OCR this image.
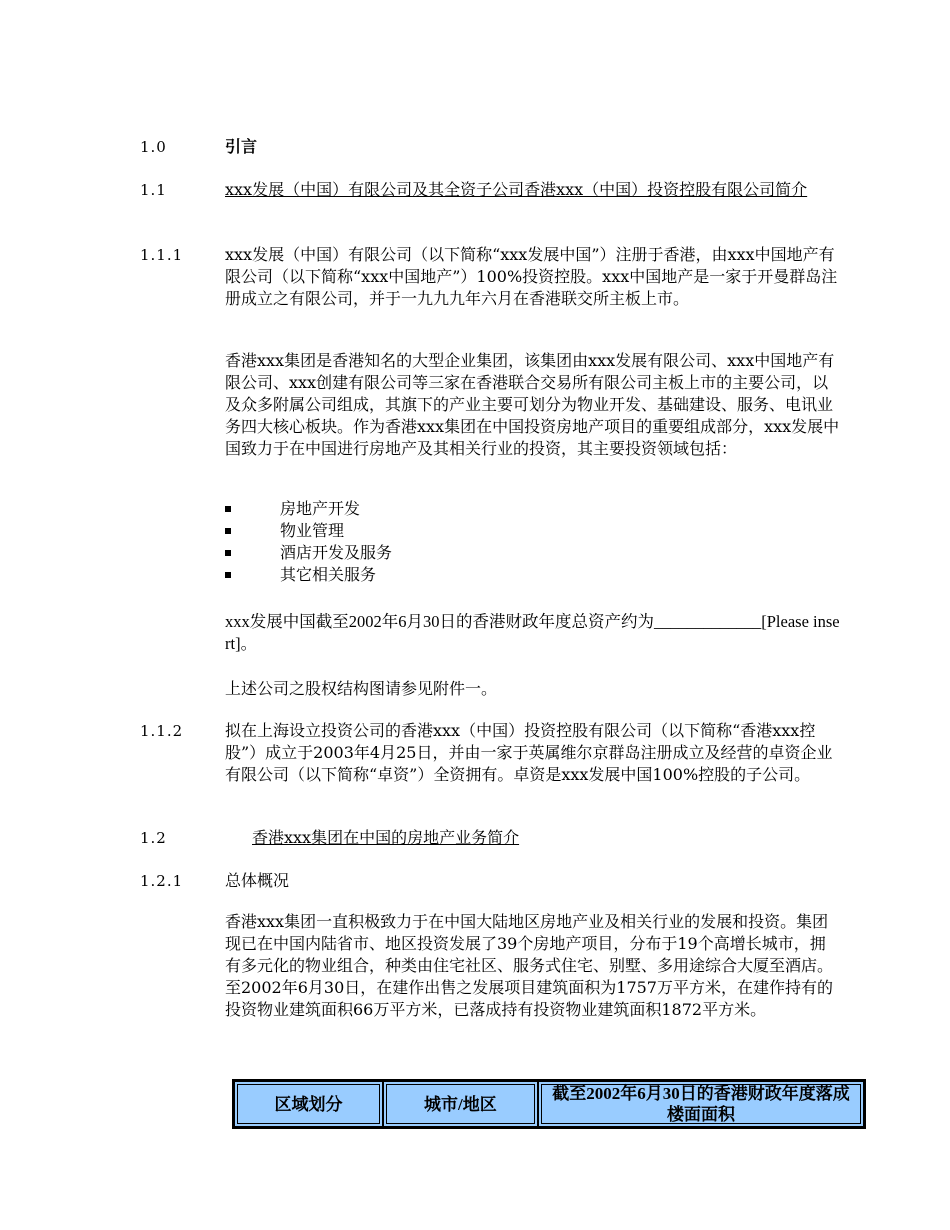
1.0	引言
1.1	xxx发展（中国）有限公司及其全资子公司香港xxx（中国）投资控股有限公司简介
1.1.1	xxx发展（中国）有限公司（以下简称“xxx发展中国”）注册于香港，由xxx中国地产有限公司（以下简称“xxx中国地产”）100%投资控股。xxx中国地产是一家于开曼群岛注册成立之有限公司，并于一九九九年六月在香港联交所主板上市。
香港xxx集团是香港知名的大型企业集团，该集团由xxx发展有限公司、xxx中国地产有限公司、xxx创建有限公司等三家在香港联合交易所有限公司主板上市的主要公司，以及众多附属公司组成，其旗下的产业主要可划分为物业开发、基础建设、服务、电讯业务四大核心板块。作为香港xxx集团在中国投资房地产项目的重要组成部分，xxx发展中国致力于在中国进行房地产及其相关行业的投资，其主要投资领域包括：
房地产开发
物业管理
酒店开发及服务
其它相关服务
xxx发展中国截至2002年6月30日的香港财政年度总资产约为_____________[Please insert]。
上述公司之股权结构图请参见附件一。
1.1.2	拟在上海设立投资公司的香港xxx（中国）投资控股有限公司（以下简称“香港xxx控股”）成立于2003年4月25日，并由一家于英属维尔京群岛注册成立及经营的卓资企业有限公司（以下简称“卓资”）全资拥有。卓资是xxx发展中国100%控股的子公司。
1.2	香港xxx集团在中国的房地产业务简介
1.2.1	总体概况
香港xxx集团一直积极致力于在中国大陆地区房地产业及相关行业的发展和投资。集团现已在中国内陆省市、地区投资发展了39个房地产项目，分布于19个高增长城市，拥有多元化的物业组合，种类由住宅社区、服务式住宅、别墅、多用途综合大厦至酒店。至2002年6月30日，在建作出售之发展项目建筑面积为1757万平方米，在建作持有的投资物业建筑面积66万平方米，已落成持有投资物业建筑面积1872平方米。
区域划分	城市/地区	截至2002年6月30日的香港财政年度落成楼面面积
